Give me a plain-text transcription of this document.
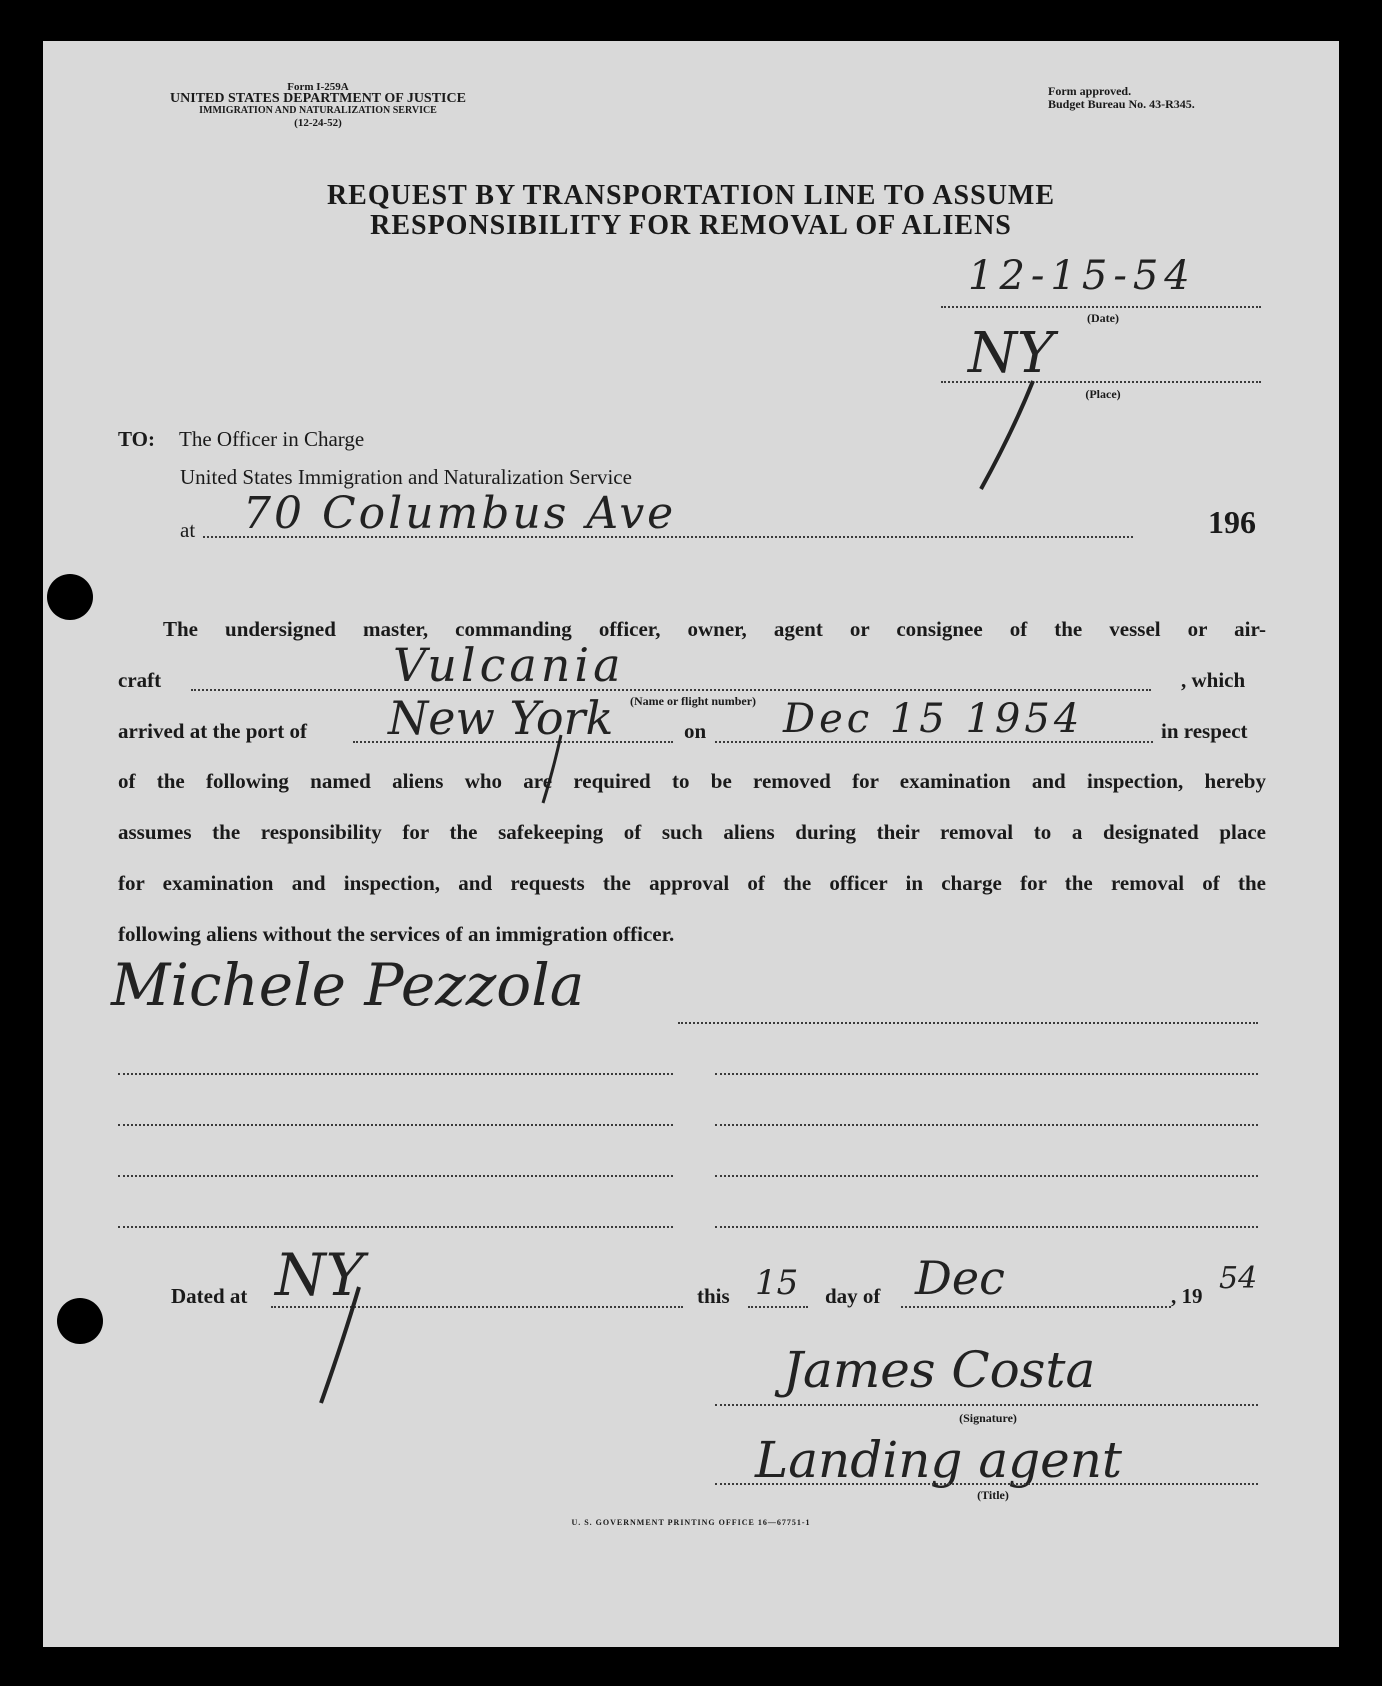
Form I-259A
UNITED STATES DEPARTMENT OF JUSTICE
IMMIGRATION AND NATURALIZATION SERVICE
(12-24-52)
Form approved.
Budget Bureau No. 43-R345.
REQUEST BY TRANSPORTATION LINE TO ASSUME
RESPONSIBILITY FOR REMOVAL OF ALIENS
12-15-54
(Date)
NY
(Place)
TO: The Officer in Charge
United States Immigration and Naturalization Service
at 70 Columbus Ave	196
The undersigned master, commanding officer, owner, agent or consignee of the vessel or air-
craft	Vulcania	, which
(Name or flight number)
arrived at the port of New York	on Dec 15 1954	in respect
of the following named aliens who are required to be removed for examination and inspection, hereby
assumes the responsibility for the safekeeping of such aliens during their removal to a designated place
for examination and inspection, and requests the approval of the officer in charge for the removal of the
following aliens without the services of an immigration officer.
Michele Pezzola
Dated at NY	this 15 day of Dec	, 19 54
James Costa
(Signature)
Landing agent
(Title)
U. S. GOVERNMENT PRINTING OFFICE 16—67751-1
